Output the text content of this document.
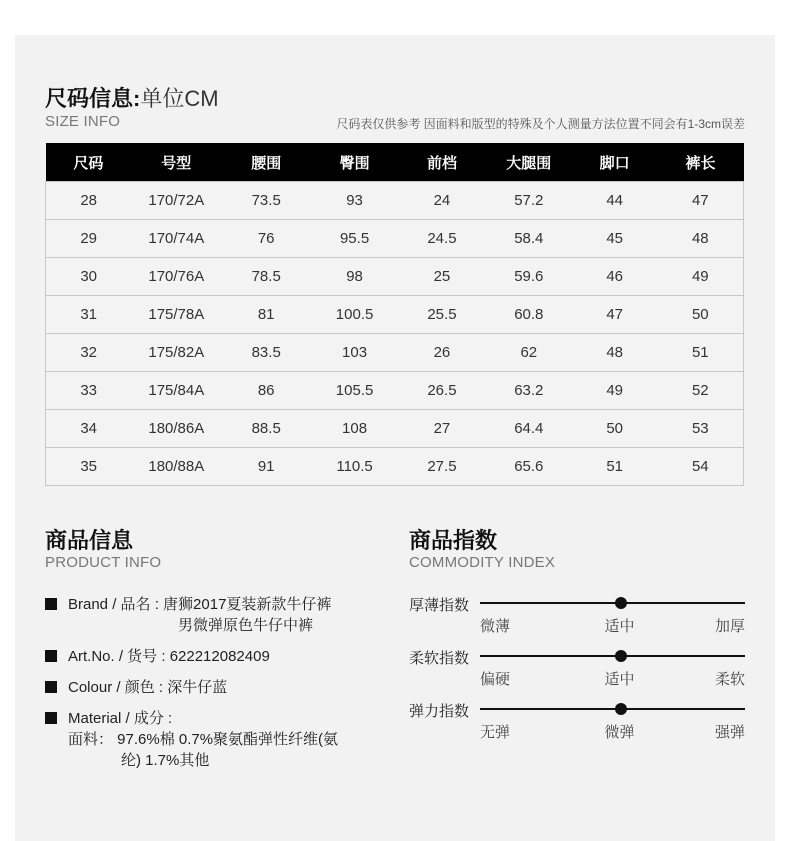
尺码信息:单位CM
SIZE INFO	尺码表仅供参考 因面料和版型的特殊及个人测量方法位置不同会有1-3cm误差
尺码	号型	腰围	臀围	前档	大腿围	脚口	裤长
28	170/72A	73.5	93	24	57.2	44	47
29	170/74A	76	95.5	24.5	58.4	45	48
30	170/76A	78.5	98	25	59.6	46	49
31	175/78A	81	100.5	25.5	60.8	47	50
32	175/82A	83.5	103	26	62	48	51
33	175/84A	86	105.5	26.5	63.2	49	52
34	180/86A	88.5	108	27	64.4	50	53
35	180/88A	91	110.5	27.5	65.6	51	54
商品信息
PRODUCT INFO
Brand / 品名 : 唐狮2017夏装新款牛仔裤
男微弹原色牛仔中裤
Art.No. / 货号 : 622212082409
Colour / 颜色 : 深牛仔蓝
Material / 成分 :
面料： 97.6%棉 0.7%聚氨酯弹性纤维(氨
纶) 1.7%其他
商品指数
COMMODITY INDEX
厚薄指数
微薄	适中	加厚
柔软指数
偏硬	适中	柔软
弹力指数
无弹	微弹	强弹
